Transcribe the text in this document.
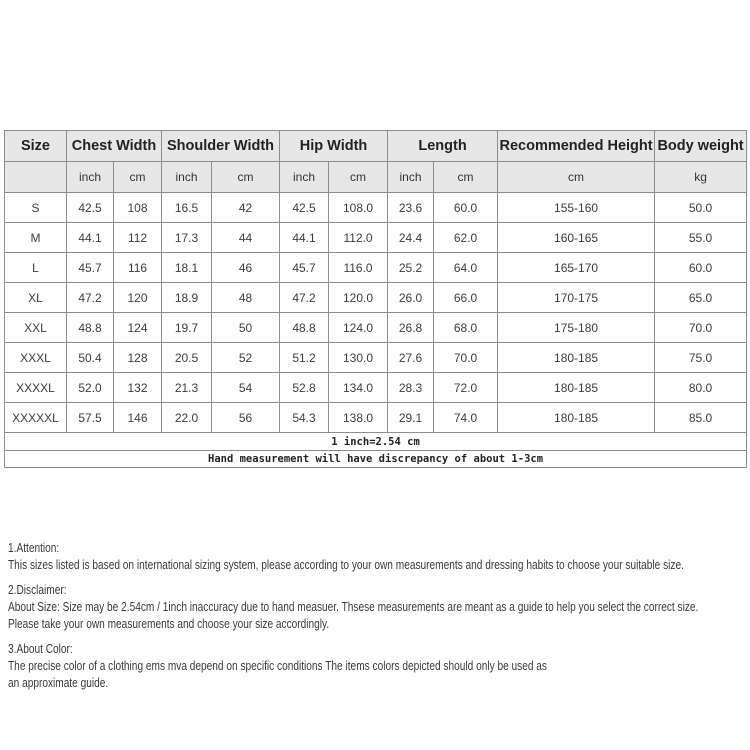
Size	Chest Width		Shoulder Width		Hip Width		Length		Recommended Height	Body weight
	inch	cm	inch	cm	inch	cm	inch	cm	cm	kg
S	42.5	108	16.5	42	42.5	108.0	23.6	60.0	155-160	50.0
M	44.1	112	17.3	44	44.1	112.0	24.4	62.0	160-165	55.0
L	45.7	116	18.1	46	45.7	116.0	25.2	64.0	165-170	60.0
XL	47.2	120	18.9	48	47.2	120.0	26.0	66.0	170-175	65.0
XXL	48.8	124	19.7	50	48.8	124.0	26.8	68.0	175-180	70.0
XXXL	50.4	128	20.5	52	51.2	130.0	27.6	70.0	180-185	75.0
XXXXL	52.0	132	21.3	54	52.8	134.0	28.3	72.0	180-185	80.0
XXXXXL	57.5	146	22.0	56	54.3	138.0	29.1	74.0	180-185	85.0
1 inch=2.54 cm										
Hand measurement will have discrepancy of about 1-3cm										
1.Attention:
This sizes listed is based on international sizing system, please according to your own measurements and dressing habits to choose your suitable size.
2.Disclaimer:
About Size: Size may be 2.54cm / 1inch inaccuracy due to hand measuer. Thsese measurements are meant as a guide to help you select the correct size.
Please take your own measurements and choose your size accordingly.
3.About Color:
The precise color of a clothing ems mva depend on specific conditions The items colors depicted should only be used as
an approximate guide.
